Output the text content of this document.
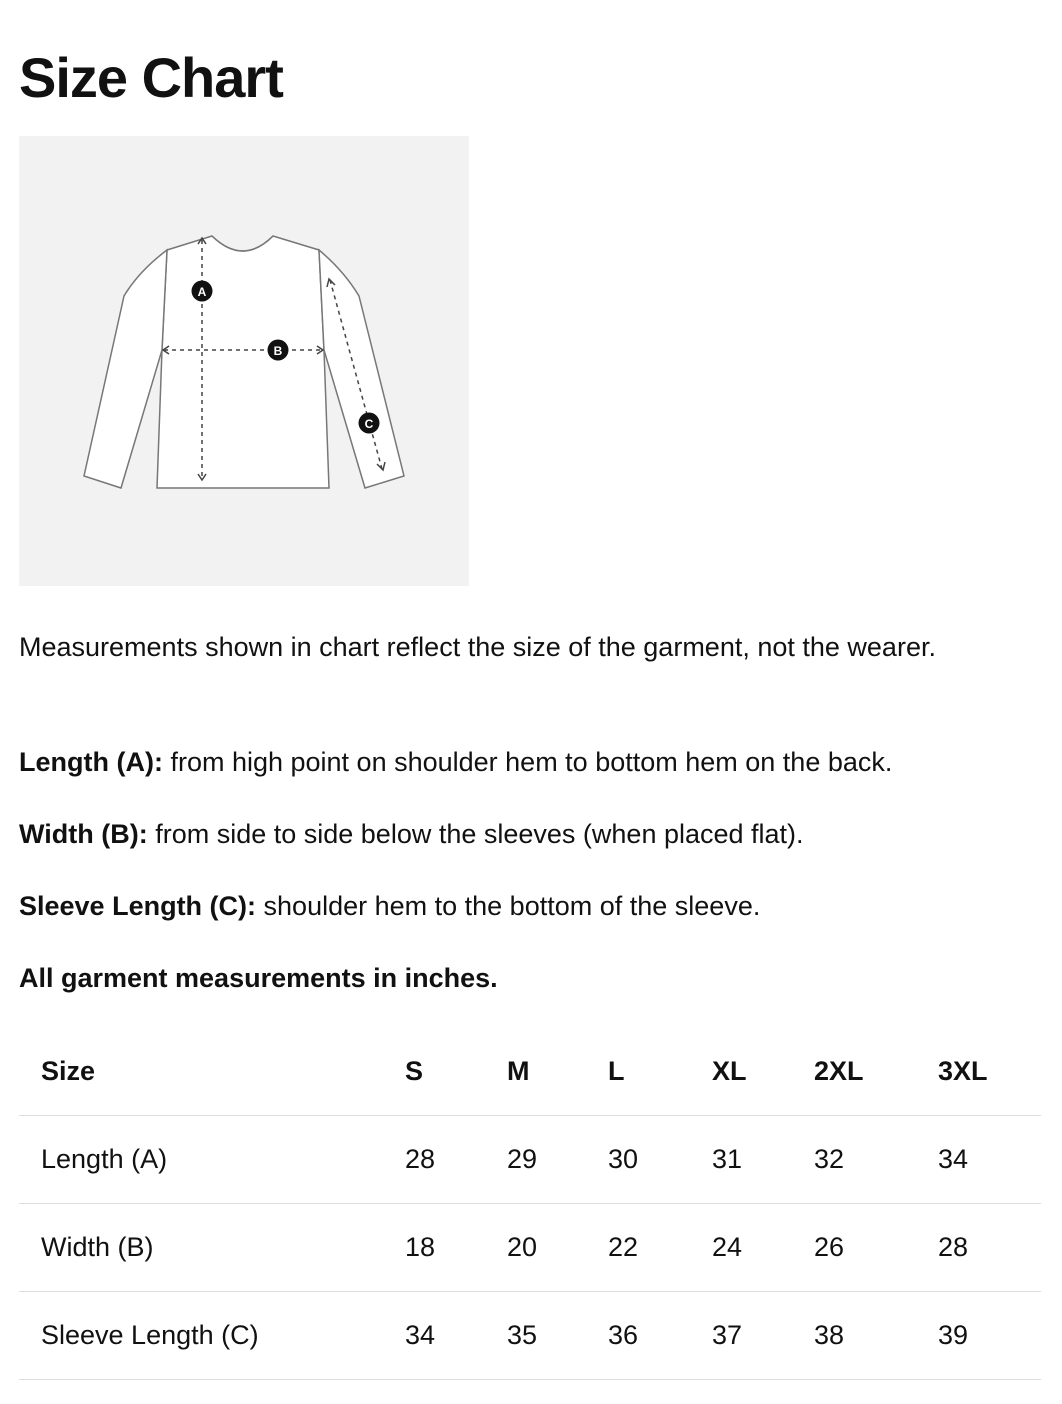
Size Chart
A
B
C

Measurements shown in chart reflect the size of the garment, not the wearer.

Length (A): from high point on shoulder hem to bottom hem on the back.

Width (B): from side to side below the sleeves (when placed flat).

Sleeve Length (C): shoulder hem to the bottom of the sleeve.

All garment measurements in inches.

Size	S	M	L	XL	2XL	3XL
Length (A)	28	29	30	31	32	34
Width (B)	18	20	22	24	26	28
Sleeve Length (C)	34	35	36	37	38	39
